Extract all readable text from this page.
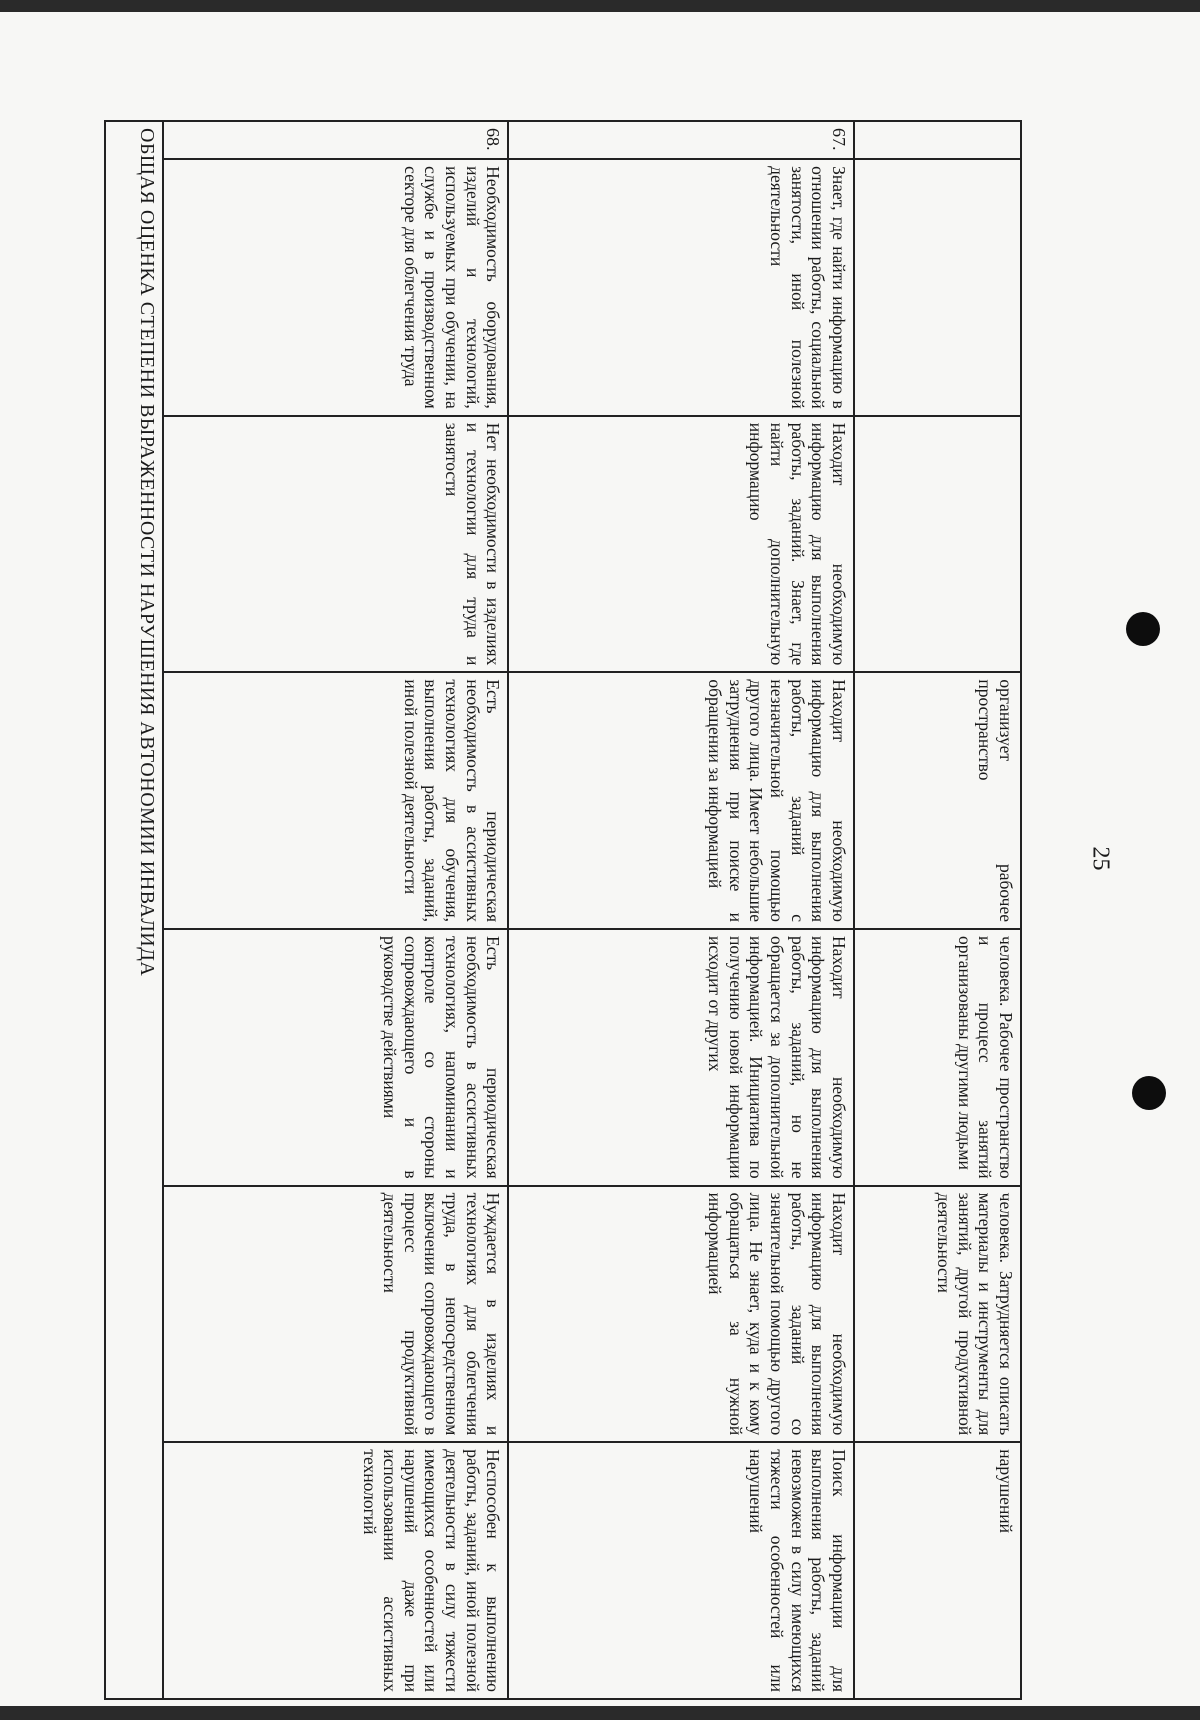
25
			организует рабочее пространство	человека. Рабочее пространство и процесс занятий организованы другими людьми	человека. Затрудняется описать материалы и инструменты для занятий, другой продуктивной деятельности	нарушений
67.	Знает, где найти информацию в отношении работы, социальной занятости, иной полезной деятельности	Находит необходимую информацию для выполнения работы, заданий. Знает, где найти дополнительную информацию	Находит необходимую информацию для выполнения работы, заданий с незначительной помощью другого лица. Имеет небольшие затруднения при поиске и обращении за информацией	Находит необходимую информацию для выполнения работы, заданий, но не обращается за дополнительной информацией. Инициатива по получению новой информации исходит от других	Находит необходимую информацию для выполнения работы, заданий со значительной помощью другого лица. Не знает, куда и к кому обращаться за нужной информацией	Поиск информации для выполнения работы, заданий невозможен в силу имеющихся тяжести особенностей или нарушений
68.	Необходимость оборудования, изделий и технологий, используемых при обучении, на службе и в производственном секторе для облегчения труда	Нет необходимости в изделиях и технологии для труда и занятости	Есть периодическая необходимость в ассистивных технологиях для обучения, выполнения работы, заданий, иной полезной деятельности	Есть периодическая необходимость в ассистивных технологиях, напоминании и контроле со стороны сопровождающего и в руководстве действиями	Нуждается в изделиях и технологиях для облегчения труда, в непосредственном включении сопровождающего в процесс продуктивной деятельности	Неспособен к выполнению работы, заданий, иной полезной деятельности в силу тяжести имеющихся особенностей или нарушений даже при использовании ассистивных технологий
ОБЩАЯ ОЦЕНКА СТЕПЕНИ ВЫРАЖЕННОСТИ НАРУШЕНИЯ АВТОНОМИИ ИНВАЛИДА						
